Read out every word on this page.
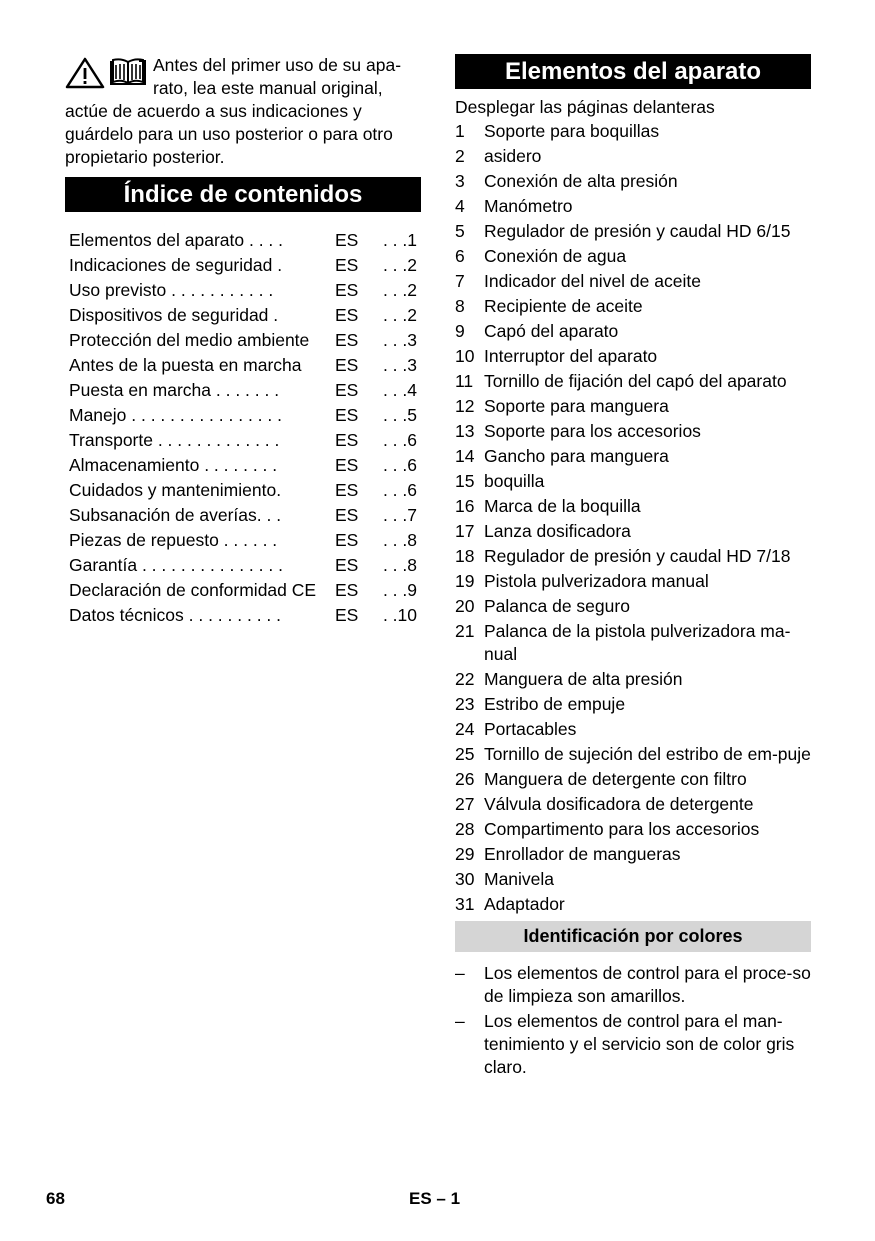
Antes del primer uso de su apa-
rato, lea este manual original,
actúe de acuerdo a sus indicaciones y
guárdelo para un uso posterior o para otro
propietario posterior.
Índice de contenidos
Elementos del aparato . . . .	ES	. . .1
Indicaciones de seguridad .	ES	. . .2
Uso previsto . . . . . . . . . . .	ES	. . .2
Dispositivos de seguridad .	ES	. . .2
Protección del medio ambiente	ES	. . .3
Antes de la puesta en marcha	ES	. . .3
Puesta en marcha . . . . . . .	ES	. . .4
Manejo . . . . . . . . . . . . . . . .	ES	. . .5
Transporte . . . . . . . . . . . . .	ES	. . .6
Almacenamiento . . . . . . . .	ES	. . .6
Cuidados y mantenimiento.	ES	. . .6
Subsanación de averías. . .	ES	. . .7
Piezas de repuesto . . . . . .	ES	. . .8
Garantía . . . . . . . . . . . . . . .	ES	. . .8
Declaración de conformidad CE	ES	. . .9
Datos técnicos . . . . . . . . . .	ES	. .10
Elementos del aparato
Desplegar las páginas delanteras
1	Soporte para boquillas
2	asidero
3	Conexión de alta presión
4	Manómetro
5	Regulador de presión y caudal HD 6/15
6	Conexión de agua
7	Indicador del nivel de aceite
8	Recipiente de aceite
9	Capó del aparato
10 Interruptor del aparato
11 Tornillo de fijación del capó del aparato
12 Soporte para manguera
13 Soporte para los accesorios
14 Gancho para manguera
15 boquilla
16 Marca de la boquilla
17 Lanza dosificadora
18 Regulador de presión y caudal HD 7/18
19 Pistola pulverizadora manual
20 Palanca de seguro
21 Palanca de la pistola pulverizadora ma-nual
22 Manguera de alta presión
23 Estribo de empuje
24 Portacables
25 Tornillo de sujeción del estribo de em-puje
26 Manguera de detergente con filtro
27 Válvula dosificadora de detergente
28 Compartimento para los accesorios
29 Enrollador de mangueras
30 Manivela
31 Adaptador
Identificación por colores
–	Los elementos de control para el proce-so de limpieza son amarillos.
–	Los elementos de control para el man-tenimiento y el servicio son de color gris claro.
68	ES – 1
